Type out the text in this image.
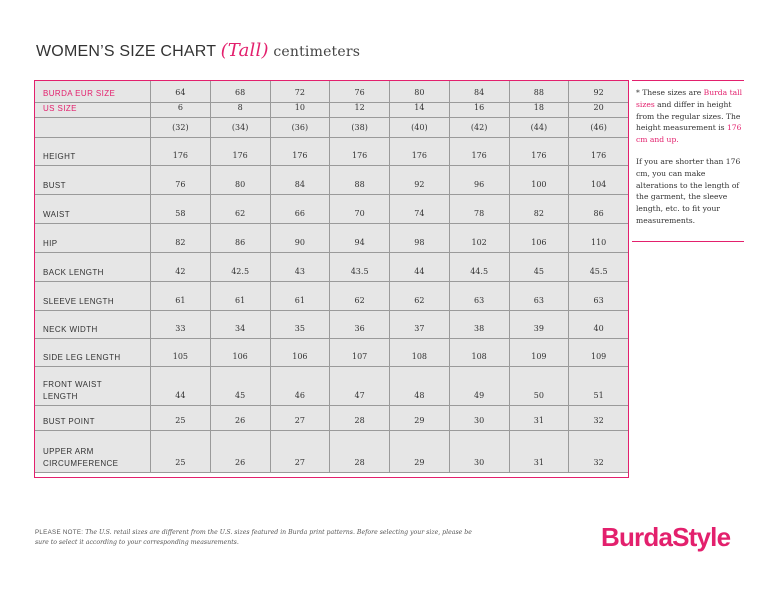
WOMEN’S SIZE CHART (Tall) centimeters
BURDA EUR SIZE	64	68	72	76	80	84	88	92
US SIZE	6	8	10	12	14	16	18	20
	(32)	(34)	(36)	(38)	(40)	(42)	(44)	(46)
HEIGHT	176	176	176	176	176	176	176	176
BUST	76	80	84	88	92	96	100	104
WAIST	58	62	66	70	74	78	82	86
HIP	82	86	90	94	98	102	106	110
BACK LENGTH	42	42.5	43	43.5	44	44.5	45	45.5
SLEEVE LENGTH	61	61	61	62	62	63	63	63
NECK WIDTH	33	34	35	36	37	38	39	40
SIDE LEG LENGTH	105	106	106	107	108	108	109	109

FRONT WAIST
LENGTH	44	45	46	47	48	49	50	51
BUST POINT	25	26	27	28	29	30	31	32

UPPER ARM
CIRCUMFERENCE	25	26	27	28	29	30	31	32

* These sizes are Burda tall sizes and differ in height from the regular sizes. The height measurement is 176 cm and up.

If you are shorter than 176 cm, you can make alterations to the length of the garment, the sleeve length, etc. to fit your measurements.

PLEASE NOTE: The U.S. retail sizes are different from the U.S. sizes featured in Burda print patterns. Before selecting your size, please be sure to select it according to your corresponding measurements.	BurdaStyle
